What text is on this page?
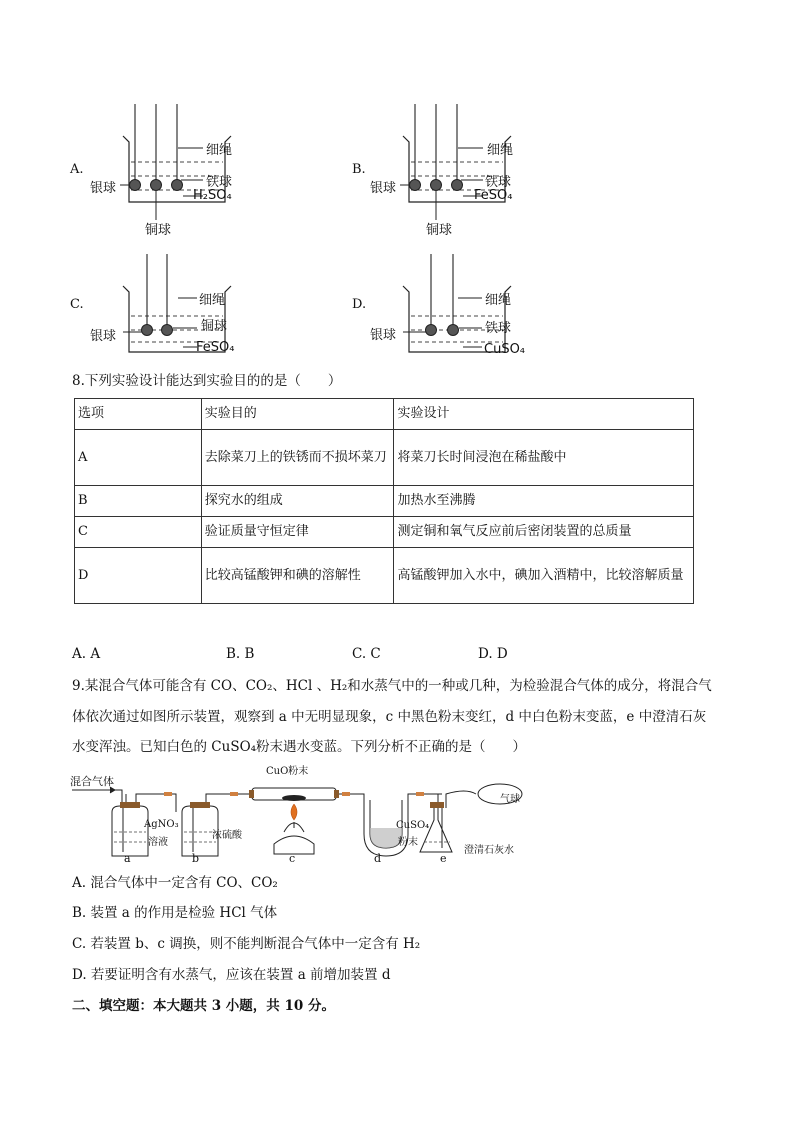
A.
细绳
铁球
H₂SO₄
银球
铜球
B.
细绳
铁球
FeSO₄
银球
铜球
C.	细绳
铜球
FeSO₄
银球
D.	细绳
铁球
CuSO₄
银球
8.下列实验设计能达到实验目的的是（　　）
选项	实验目的	实验设计
A	去除菜刀上的铁锈而不损坏菜刀	将菜刀长时间浸泡在稀盐酸中
B	探究水的组成	加热水至沸腾
C	验证质量守恒定律	测定铜和氧气反应前后密闭装置的总质量
D	比较高锰酸钾和碘的溶解性	高锰酸钾加入水中，碘加入酒精中，比较溶解质量
A. A	B. B	C. C	D. D
9.某混合气体可能含有 CO、CO₂、HCl 、H₂和水蒸气中的一种或几种，为检验混合气体的成分，将混合气
体依次通过如图所示装置，观察到 a 中无明显现象，c 中黑色粉末变红，d 中白色粉末变蓝，e 中澄清石灰
水变浑浊。已知白色的 CuSO₄粉末遇水变蓝。下列分析不正确的是（　　）
混合气体
CuO粉末
AgNO₃
溶液
浓硫酸
CuSO₄
粉末
气球
澄清石灰水
a	b	c	d	e
A. 混合气体中一定含有 CO、CO₂
B. 装置 a 的作用是检验 HCl 气体
C. 若装置 b、c 调换，则不能判断混合气体中一定含有 H₂
D. 若要证明含有水蒸气，应该在装置 a 前增加装置 d
二、填空题：本大题共 3 小题，共 10 分。
